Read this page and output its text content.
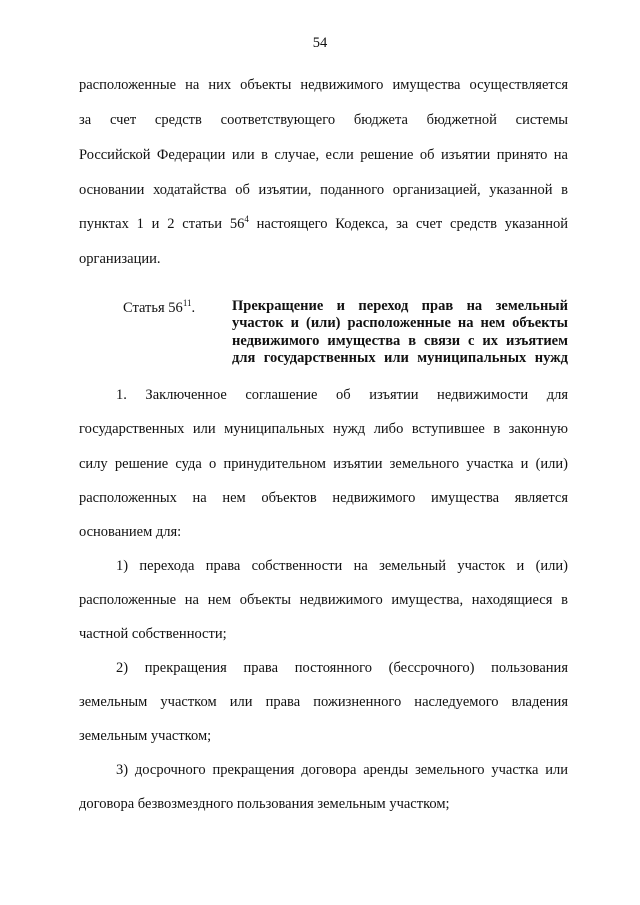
54
расположенные на них объекты недвижимого имущества осуществляется
за счет средств соответствующего бюджета бюджетной системы
Российской Федерации или в случае, если решение об изъятии принято на
основании ходатайства об изъятии, поданного организацией, указанной в
пунктах 1 и 2 статьи $56^4$ настоящего Кодекса, за счет средств указанной
организации.
Статья $56^{11}$.	Прекращение и переход прав на земельный
участок и (или) расположенные на нем объекты
недвижимого имущества в связи с их изъятием
для государственных или муниципальных нужд
1. Заключенное соглашение об изъятии недвижимости для
государственных или муниципальных нужд либо вступившее в законную
силу решение суда о принудительном изъятии земельного участка и (или)
расположенных на нем объектов недвижимого имущества является
основанием для:
1) перехода права собственности на земельный участок и (или)
расположенные на нем объекты недвижимого имущества, находящиеся в
частной собственности;
2) прекращения права постоянного (бессрочного) пользования
земельным участком или права пожизненного наследуемого владения
земельным участком;
3) досрочного прекращения договора аренды земельного участка или
договора безвозмездного пользования земельным участком;
